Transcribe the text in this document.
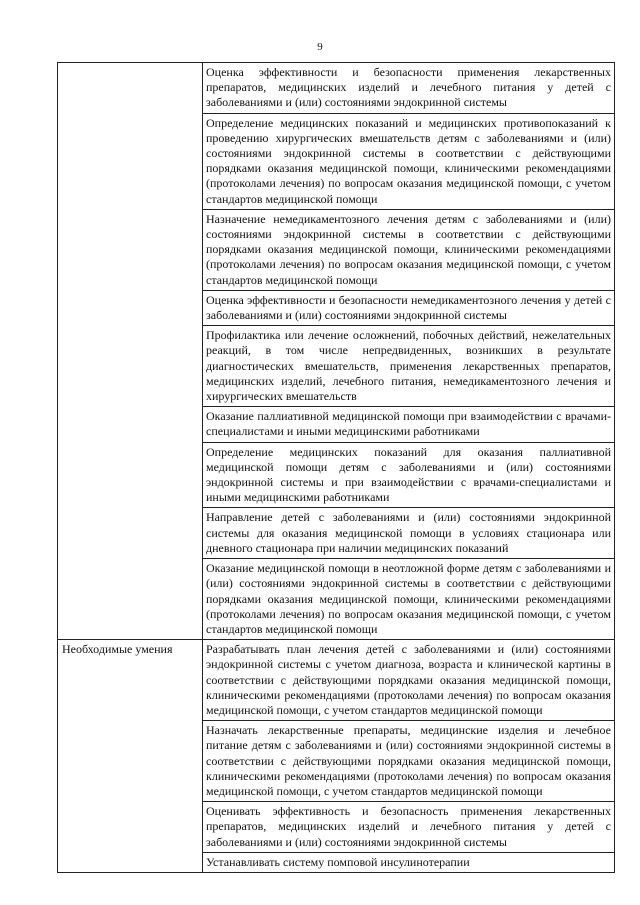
9

	Оценка эффективности и безопасности применения лекарственных препаратов, медицинских изделий и лечебного питания у детей с заболеваниями и (или) состояниями эндокринной системы

	Определение медицинских показаний и медицинских противопоказаний к проведению хирургических вмешательств детям с заболеваниями и (или) состояниями эндокринной системы в соответствии с действующими порядками оказания медицинской помощи, клиническими рекомендациями (протоколами лечения) по вопросам оказания медицинской помощи, с учетом стандартов медицинской помощи

	Назначение немедикаментозного лечения детям с заболеваниями и (или) состояниями эндокринной системы в соответствии с действующими порядками оказания медицинской помощи, клиническими рекомендациями (протоколами лечения) по вопросам оказания медицинской помощи, с учетом стандартов медицинской помощи

	Оценка эффективности и безопасности немедикаментозного лечения у детей с заболеваниями и (или) состояниями эндокринной системы

	Профилактика или лечение осложнений, побочных действий, нежелательных реакций, в том числе непредвиденных, возникших в результате диагностических вмешательств, применения лекарственных препаратов, медицинских изделий, лечебного питания, немедикаментозного лечения и хирургических вмешательств

	Оказание паллиативной медицинской помощи при взаимодействии с врачами-специалистами и иными медицинскими работниками

	Определение медицинских показаний для оказания паллиативной медицинской помощи детям с заболеваниями и (или) состояниями эндокринной системы и при взаимодействии с врачами-специалистами и иными медицинскими работниками

	Направление детей с заболеваниями и (или) состояниями эндокринной системы для оказания медицинской помощи в условиях стационара или дневного стационара при наличии медицинских показаний

	Оказание медицинской помощи в неотложной форме детям с заболеваниями и (или) состояниями эндокринной системы в соответствии с действующими порядками оказания медицинской помощи, клиническими рекомендациями (протоколами лечения) по вопросам оказания медицинской помощи, с учетом стандартов медицинской помощи

Необходимые умения	Разрабатывать план лечения детей с заболеваниями и (или) состояниями эндокринной системы с учетом диагноза, возраста и клинической картины в соответствии с действующими порядками оказания медицинской помощи, клиническими рекомендациями (протоколами лечения) по вопросам оказания медицинской помощи, с учетом стандартов медицинской помощи

	Назначать лекарственные препараты, медицинские изделия и лечебное питание детям с заболеваниями и (или) состояниями эндокринной системы в соответствии с действующими порядками оказания медицинской помощи, клиническими рекомендациями (протоколами лечения) по вопросам оказания медицинской помощи, с учетом стандартов медицинской помощи

	Оценивать эффективность и безопасность применения лекарственных препаратов, медицинских изделий и лечебного питания у детей с заболеваниями и (или) состояниями эндокринной системы

	Устанавливать систему помповой инсулинотерапии
